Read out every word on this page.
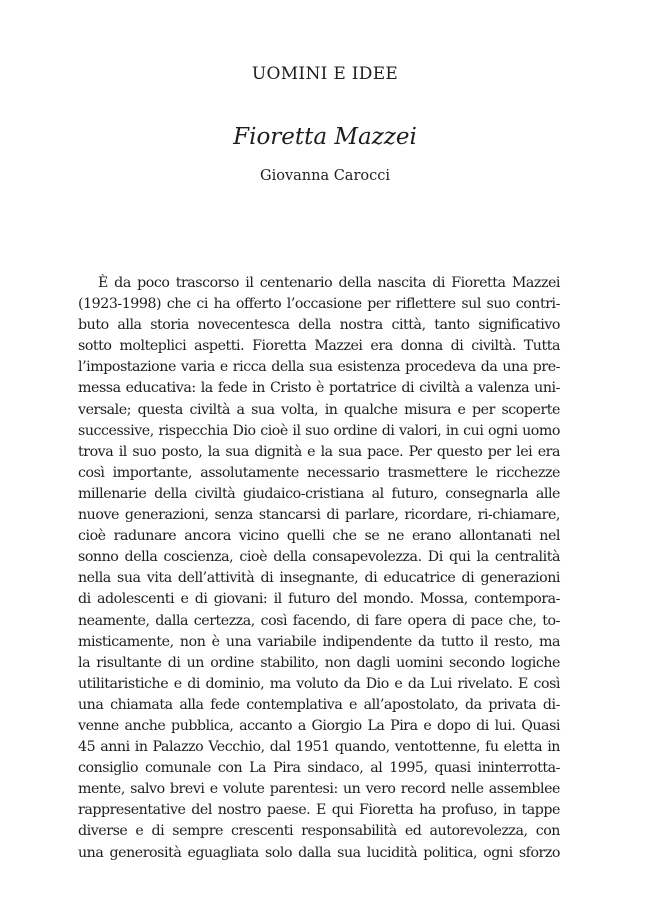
UOMINI E IDEE
Fioretta Mazzei
Giovanna Carocci
È da poco trascorso il centenario della nascita di Fioretta Mazzei
(1923-1998) che ci ha offerto l’occasione per riflettere sul suo contri-
buto alla storia novecentesca della nostra città, tanto significativo
sotto molteplici aspetti. Fioretta Mazzei era donna di civiltà. Tutta
l’impostazione varia e ricca della sua esistenza procedeva da una pre-
messa educativa: la fede in Cristo è portatrice di civiltà a valenza uni-
versale; questa civiltà a sua volta, in qualche misura e per scoperte
successive, rispecchia Dio cioè il suo ordine di valori, in cui ogni uomo
trova il suo posto, la sua dignità e la sua pace. Per questo per lei era
così importante, assolutamente necessario trasmettere le ricchezze
millenarie della civiltà giudaico-cristiana al futuro, consegnarla alle
nuove generazioni, senza stancarsi di parlare, ricordare, ri-chiamare,
cioè radunare ancora vicino quelli che se ne erano allontanati nel
sonno della coscienza, cioè della consapevolezza. Di qui la centralità
nella sua vita dell’attività di insegnante, di educatrice di generazioni
di adolescenti e di giovani: il futuro del mondo. Mossa, contempora-
neamente, dalla certezza, così facendo, di fare opera di pace che, to-
misticamente, non è una variabile indipendente da tutto il resto, ma
la risultante di un ordine stabilito, non dagli uomini secondo logiche
utilitaristiche e di dominio, ma voluto da Dio e da Lui rivelato. E così
una chiamata alla fede contemplativa e all’apostolato, da privata di-
venne anche pubblica, accanto a Giorgio La Pira e dopo di lui. Quasi
45 anni in Palazzo Vecchio, dal 1951 quando, ventottenne, fu eletta in
consiglio comunale con La Pira sindaco, al 1995, quasi ininterrotta-
mente, salvo brevi e volute parentesi: un vero record nelle assemblee
rappresentative del nostro paese. E qui Fioretta ha profuso, in tappe
diverse e di sempre crescenti responsabilità ed autorevolezza, con
una generosità eguagliata solo dalla sua lucidità politica, ogni sforzo
